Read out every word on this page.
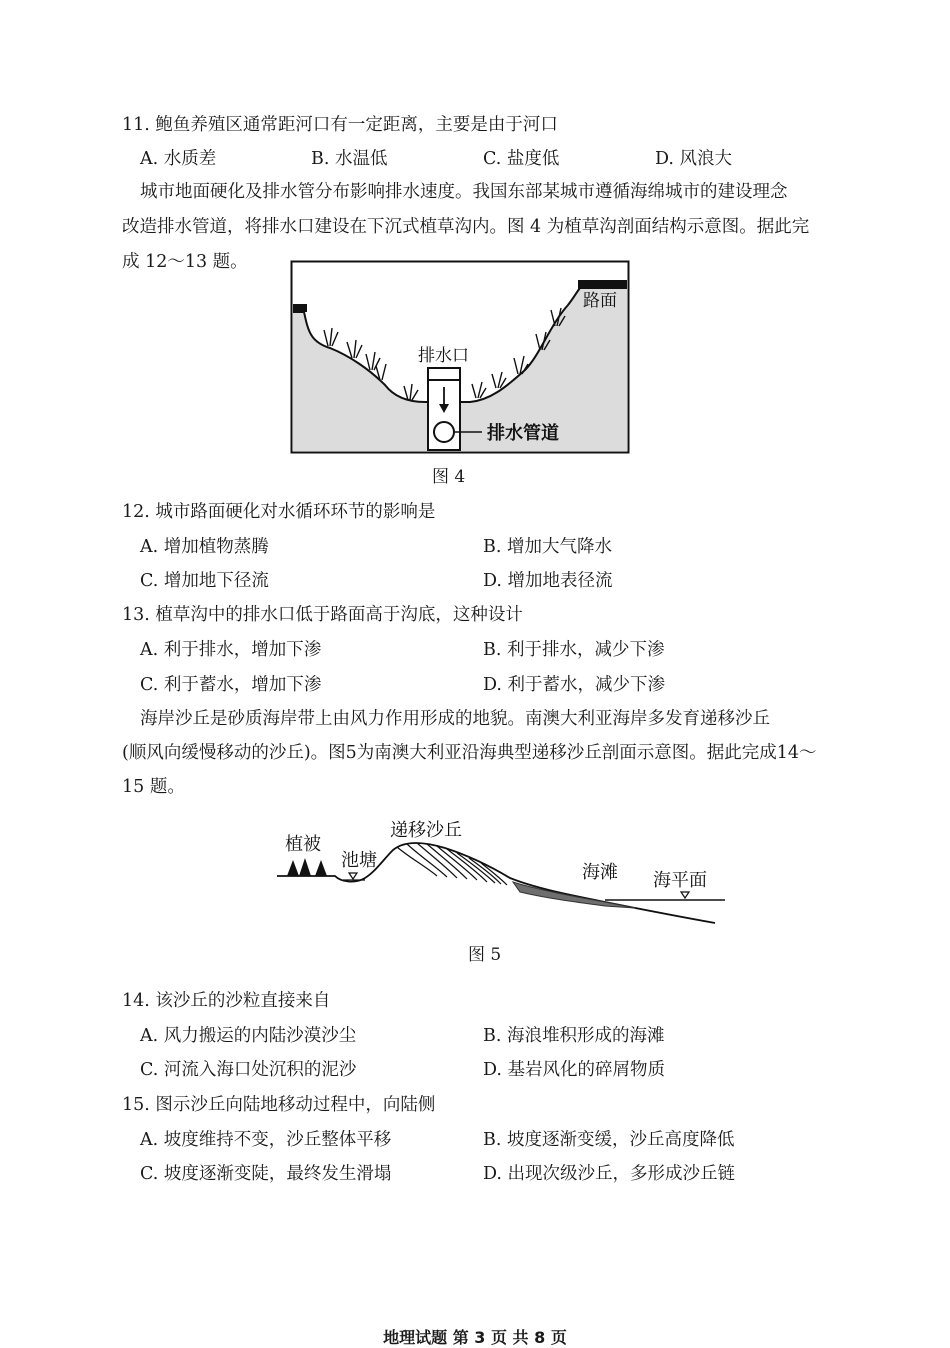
11. 鲍鱼养殖区通常距河口有一定距离，主要是由于河口
A. 水质差	B. 水温低	C. 盐度低	D. 风浪大
城市地面硬化及排水管分布影响排水速度。我国东部某城市遵循海绵城市的建设理念
改造排水管道，将排水口建设在下沉式植草沟内。图 4 为植草沟剖面结构示意图。据此完
成 12～13 题。
路面
排水口
排水管道
图 4
12. 城市路面硬化对水循环环节的影响是
A. 增加植物蒸腾	B. 增加大气降水
C. 增加地下径流	D. 增加地表径流
13. 植草沟中的排水口低于路面高于沟底，这种设计
A. 利于排水，增加下渗	B. 利于排水，减少下渗
C. 利于蓄水，增加下渗	D. 利于蓄水，减少下渗
海岸沙丘是砂质海岸带上由风力作用形成的地貌。南澳大利亚海岸多发育递移沙丘
(顺风向缓慢移动的沙丘)。图5为南澳大利亚沿海典型递移沙丘剖面示意图。据此完成14～
15 题。
植被
池塘
递移沙丘
海滩 海平面
图 5
14. 该沙丘的沙粒直接来自
A. 风力搬运的内陆沙漠沙尘	B. 海浪堆积形成的海滩
C. 河流入海口处沉积的泥沙	D. 基岩风化的碎屑物质
15. 图示沙丘向陆地移动过程中，向陆侧
A. 坡度维持不变，沙丘整体平移	B. 坡度逐渐变缓，沙丘高度降低
C. 坡度逐渐变陡，最终发生滑塌	D. 出现次级沙丘，多形成沙丘链
地理试题 第 3 页 共 8 页
